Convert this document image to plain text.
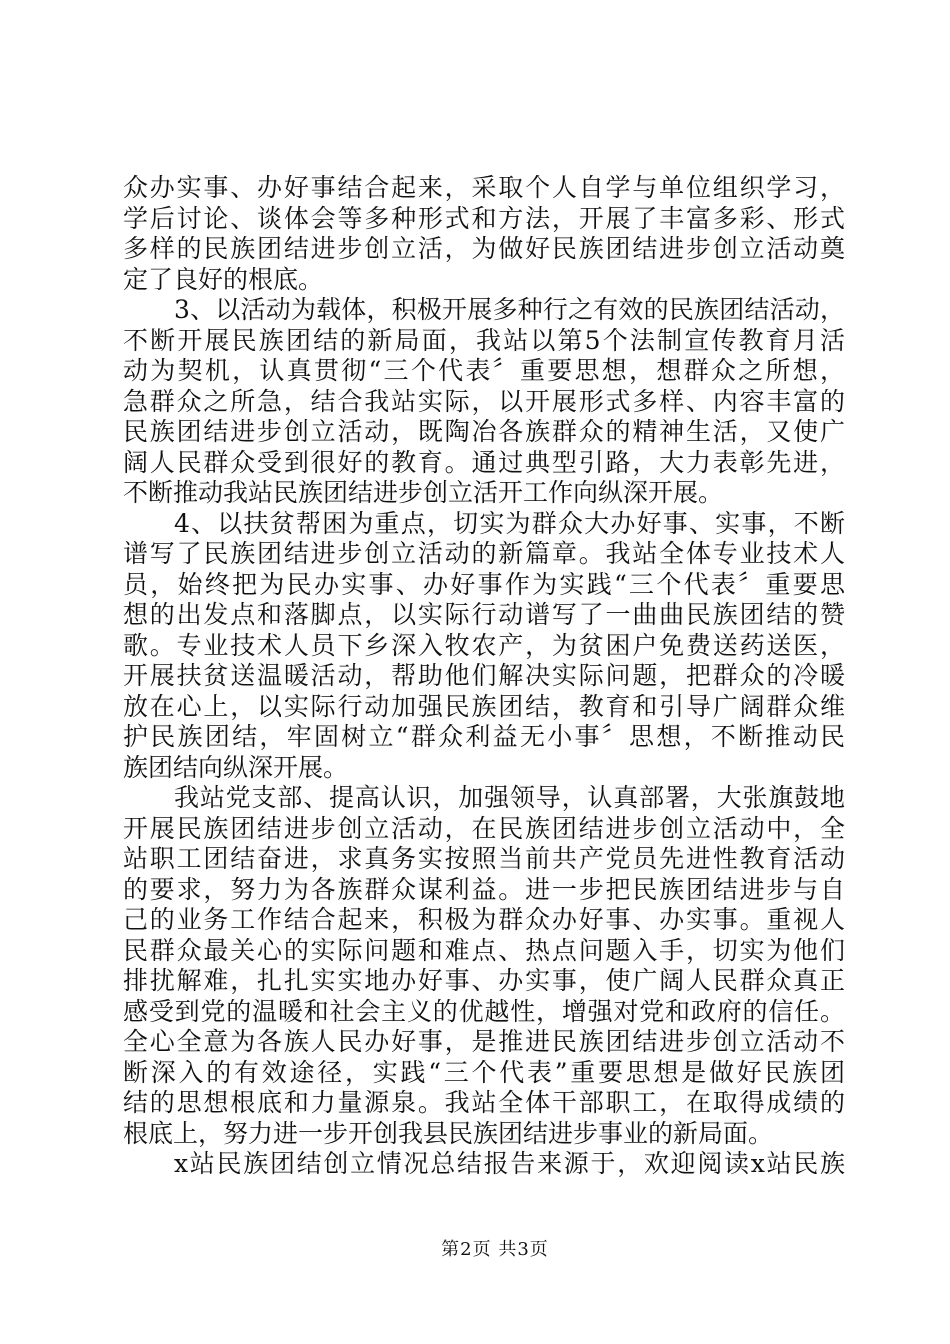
众办实事、办好事结合起来，采取个人自学与单位组织学习，
学后讨论、谈体会等多种形式和方法，开展了丰富多彩、形式
多样的民族团结进步创立活，为做好民族团结进步创立活动奠
定了良好的根底。
3、以活动为载体，积极开展多种行之有效的民族团结活动，
不断开展民族团结的新局面，我站以第5个法制宣传教育月活
动为契机，认真贯彻“三个代表〞重要思想，想群众之所想，
急群众之所急，结合我站实际，以开展形式多样、内容丰富的
民族团结进步创立活动，既陶冶各族群众的精神生活，又使广
阔人民群众受到很好的教育。通过典型引路，大力表彰先进，
不断推动我站民族团结进步创立活开工作向纵深开展。
4、以扶贫帮困为重点，切实为群众大办好事、实事，不断
谱写了民族团结进步创立活动的新篇章。我站全体专业技术人
员，始终把为民办实事、办好事作为实践“三个代表〞重要思
想的出发点和落脚点，以实际行动谱写了一曲曲民族团结的赞
歌。专业技术人员下乡深入牧农产，为贫困户免费送药送医，
开展扶贫送温暖活动，帮助他们解决实际问题，把群众的冷暖
放在心上，以实际行动加强民族团结，教育和引导广阔群众维
护民族团结，牢固树立“群众利益无小事〞思想，不断推动民
族团结向纵深开展。
我站党支部、提高认识，加强领导，认真部署，大张旗鼓地
开展民族团结进步创立活动，在民族团结进步创立活动中，全
站职工团结奋进，求真务实按照当前共产党员先进性教育活动
的要求，努力为各族群众谋利益。进一步把民族团结进步与自
己的业务工作结合起来，积极为群众办好事、办实事。重视人
民群众最关心的实际问题和难点、热点问题入手，切实为他们
排扰解难，扎扎实实地办好事、办实事，使广阔人民群众真正
感受到党的温暖和社会主义的优越性，增强对党和政府的信任。
全心全意为各族人民办好事，是推进民族团结进步创立活动不
断深入的有效途径，实践“三个代表”重要思想是做好民族团
结的思想根底和力量源泉。我站全体干部职工，在取得成绩的
根底上，努力进一步开创我县民族团结进步事业的新局面。
x站民族团结创立情况总结报告来源于，欢迎阅读x站民族
第2页 共3页
